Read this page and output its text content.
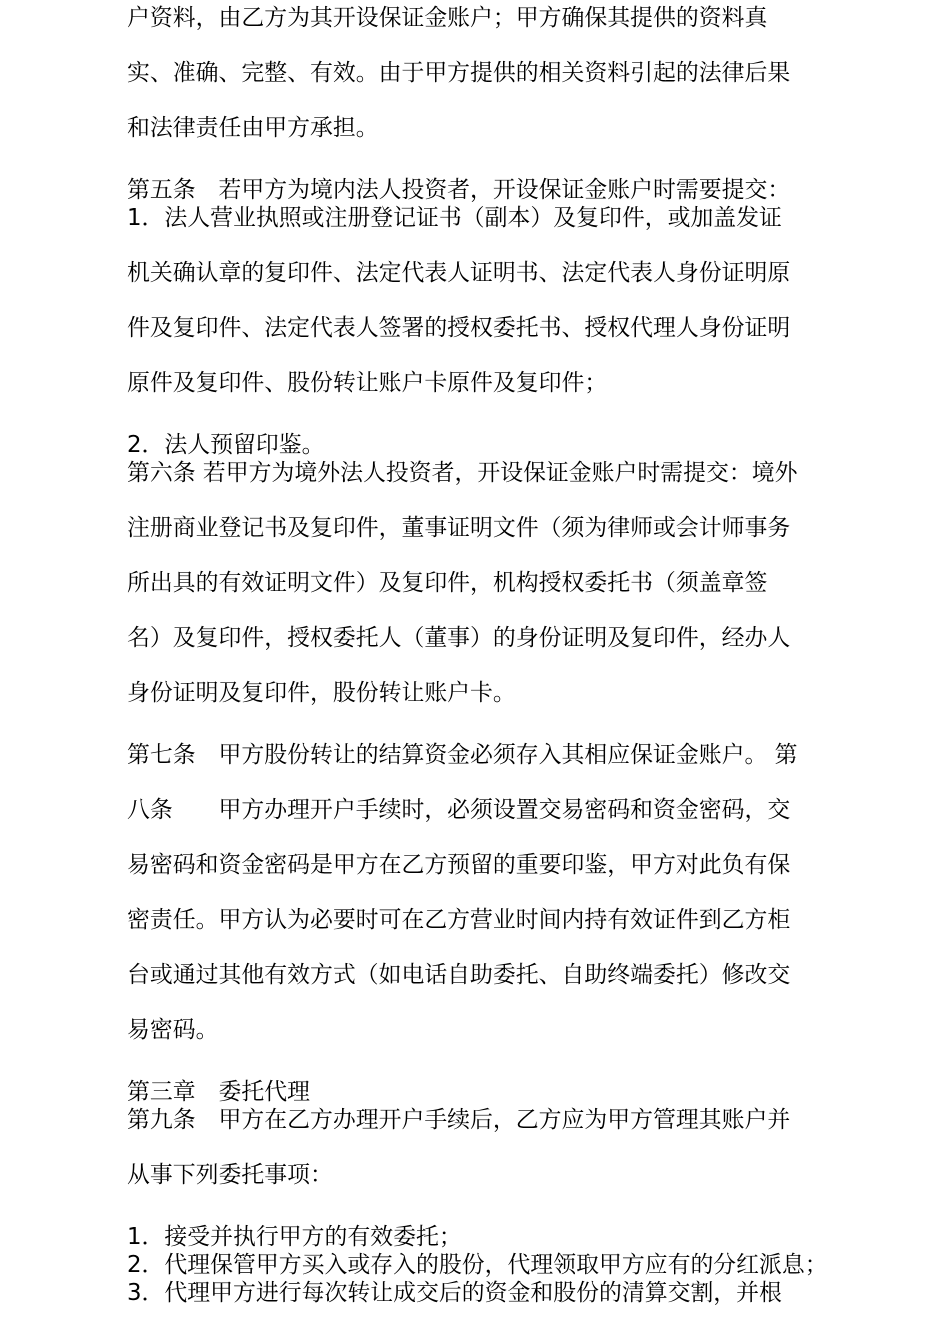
户资料，由乙方为其开设保证金账户；甲方确保其提供的资料真
实、准确、完整、有效。由于甲方提供的相关资料引起的法律后果
和法律责任由甲方承担。
第五条　若甲方为境内法人投资者，开设保证金账户时需要提交：
1．法人营业执照或注册登记证书（副本）及复印件，或加盖发证
机关确认章的复印件、法定代表人证明书、法定代表人身份证明原
件及复印件、法定代表人签署的授权委托书、授权代理人身份证明
原件及复印件、股份转让账户卡原件及复印件；
2．法人预留印鉴。
第六条 若甲方为境外法人投资者，开设保证金账户时需提交：境外
注册商业登记书及复印件，董事证明文件（须为律师或会计师事务
所出具的有效证明文件）及复印件，机构授权委托书（须盖章签
名）及复印件，授权委托人（董事）的身份证明及复印件，经办人
身份证明及复印件，股份转让账户卡。
第七条　甲方股份转让的结算资金必须存入其相应保证金账户。 第
八条　　甲方办理开户手续时，必须设置交易密码和资金密码，交
易密码和资金密码是甲方在乙方预留的重要印鉴，甲方对此负有保
密责任。甲方认为必要时可在乙方营业时间内持有效证件到乙方柜
台或通过其他有效方式（如电话自助委托、自助终端委托）修改交
易密码。
第三章　委托代理
第九条　甲方在乙方办理开户手续后，乙方应为甲方管理其账户并
从事下列委托事项：
1．接受并执行甲方的有效委托；
2．代理保管甲方买入或存入的股份，代理领取甲方应有的分红派息；
3．代理甲方进行每次转让成交后的资金和股份的清算交割，并根
